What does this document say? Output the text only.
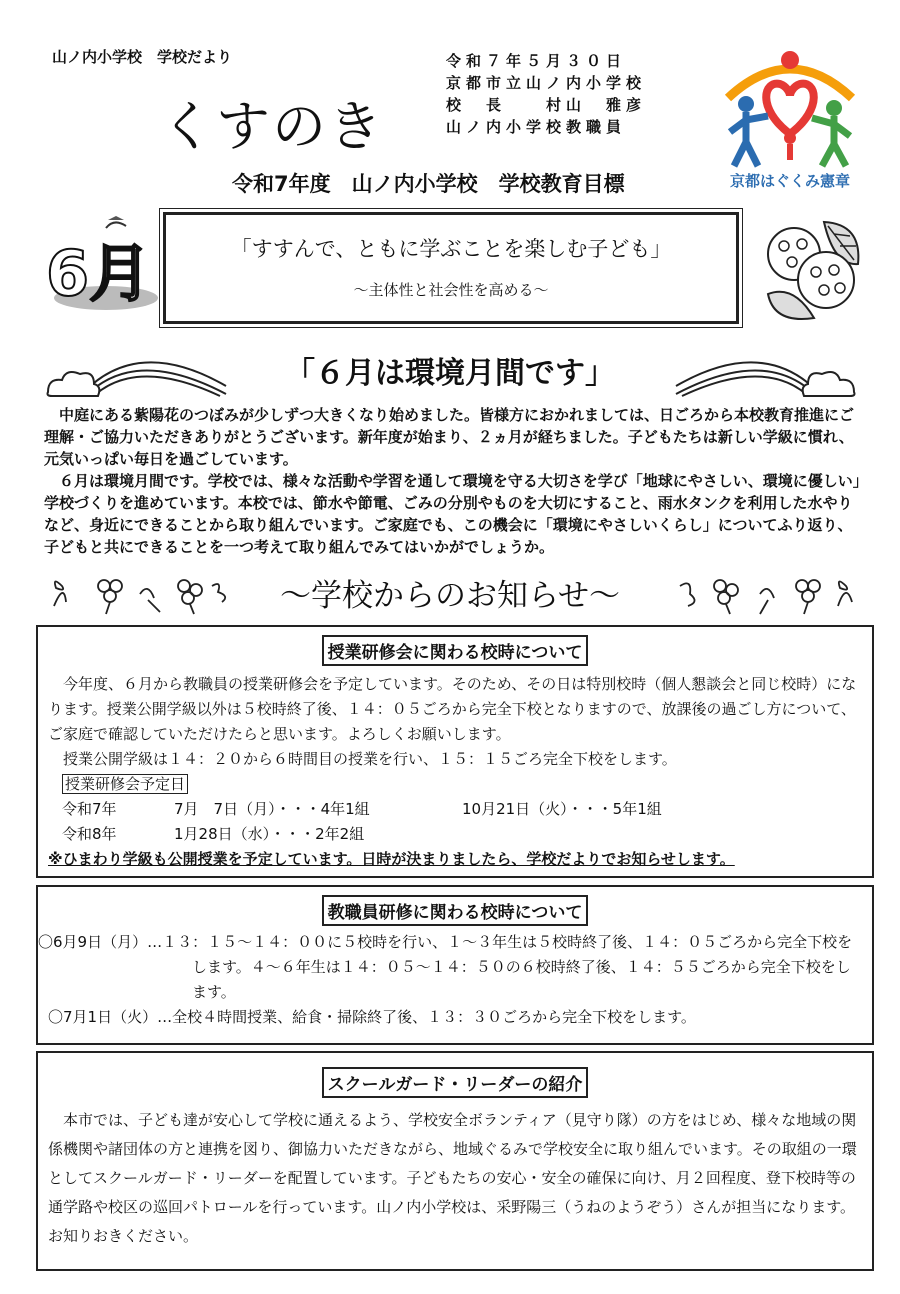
山ノ内小学校　学校だより
くすのき
令和７年５月３０日
京都市立山ノ内小学校
校　長　　村山　雅彦
山ノ内小学校教職員
令和7年度　山ノ内小学校　学校教育目標	京都はぐくみ憲章
6月	「すすんで、ともに学ぶことを楽しむ子ども」
～主体性と社会性を高める～
「６月は環境月間です」

中庭にある紫陽花のつぼみが少しずつ大きくなり始めました。皆様方におかれましては、日ごろから本校教育推進にご理解・ご協力いただきありがとうございます。新年度が始まり、２ヵ月が経ちました。子どもたちは新しい学級に慣れ、元気いっぱい毎日を過ごしています。

６月は環境月間です。学校では、様々な活動や学習を通して環境を守る大切さを学び「地球にやさしい、環境に優しい」学校づくりを進めています。本校では、節水や節電、ごみの分別やものを大切にすること、雨水タンクを利用した水やりなど、身近にできることから取り組んでいます。ご家庭でも、この機会に「環境にやさしいくらし」についてふり返り、子どもと共にできることを一つ考えて取り組んでみてはいかがでしょうか。

～学校からのお知らせ～
授業研修会に関わる校時について

今年度、６月から教職員の授業研修会を予定しています。そのため、その日は特別校時（個人懇談会と同じ校時）になります。授業公開学級以外は５校時終了後、１４：０５ごろから完全下校となりますので、放課後の過ごし方について、ご家庭で確認していただけたらと思います。よろしくお願いします。

授業公開学級は１４：２０から６時間目の授業を行い、１５：１５ごろ完全下校をします。

授業研修会予定日

令和7年	7月　7日（月）・・・4年1組	10月21日（火）・・・5年1組
令和8年	1月28日（水）・・・2年2組

※ひまわり学級も公開授業を予定しています。日時が決まりましたら、学校だよりでお知らせします。

教職員研修に関わる校時について

〇6月9日（月）…１３：１５～１４：００に５校時を行い、１～３年生は５校時終了後、１４：０５ごろから完全下校をします。４～６年生は１４：０５～１４：５０の６校時終了後、１４：５５ごろから完全下校をします。

〇7月1日（火）…全校４時間授業、給食・掃除終了後、１３：３０ごろから完全下校をします。

スクールガード・リーダーの紹介

本市では、子ども達が安心して学校に通えるよう、学校安全ボランティア（見守り隊）の方をはじめ、様々な地域の関係機関や諸団体の方と連携を図り、御協力いただきながら、地域ぐるみで学校安全に取り組んでいます。その取組の一環としてスクールガード・リーダーを配置しています。子どもたちの安心・安全の確保に向け、月２回程度、登下校時等の通学路や校区の巡回パトロールを行っています。山ノ内小学校は、采野陽三（うねのようぞう）さんが担当になります。お知りおきください。
